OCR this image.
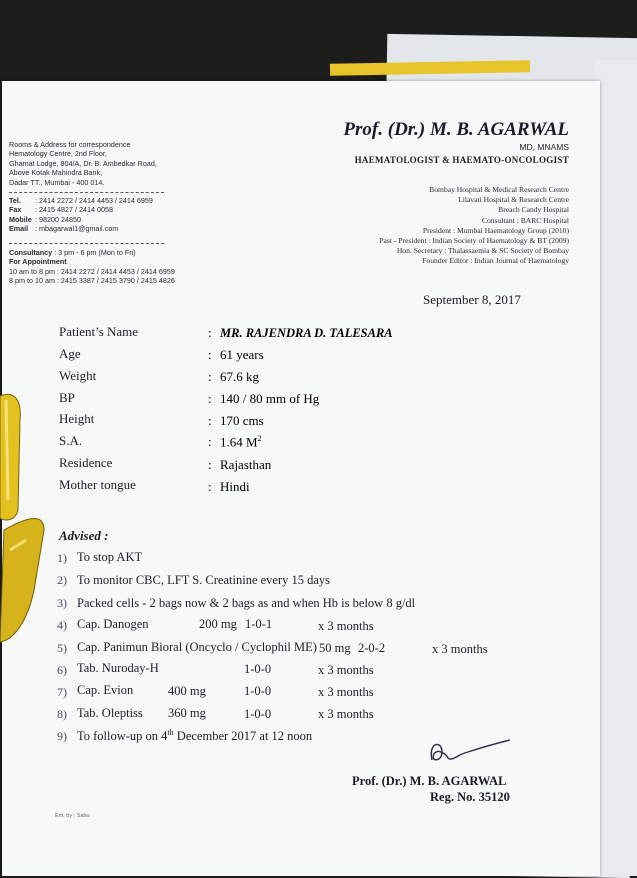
Rooms & Address for correspondence
Hematology Centre, 2nd Floor,
Ghamat Lodge, 804/A, Dr. B. Ambedkar Road,
Above Kotak Mahindra Bank,
Dadar TT., Mumbai - 400 014.
Tel. : 2414 2272 / 2414 4453 / 2414 6959
Fax : 2415 4827 / 2414 0058
Mobile : 98200 24850
Email : mbagarwal1@gmail.com
Consultancy : 3 pm - 6 pm (Mon to Fri)
For Appointment
10 am to 8 pm : 2414 2272 / 2414 4453 / 2414 6959
8 pm to 10 am : 2415 3387 / 2415 3790 / 2415 4826
Prof. (Dr.) M. B. AGARWAL
MD, MNAMS
HAEMATOLOGIST & HAEMATO-ONCOLOGIST
Bombay Hospital & Medical Research Centre
Lilavati Hospital & Research Centre
Breach Candy Hospital
Consultant : BARC Hospital
President : Mumbai Haematology Group (2010)
Past - President : Indian Society of Haematology & BT (2009)
Hon. Secretary : Thalassaemia & SC Society of Bombay
Founder Editor : Indian Journal of Haematology
September 8, 2017
Patient’s Name	: MR. RAJENDRA D. TALESARA
Age	: 61 years
Weight	: 67.6 kg
BP	: 140 / 80 mm of Hg
Height	: 170 cms
S.A.	: 1.64 $M^2$
Residence	: Rajasthan
Mother tongue	: Hindi
Advised :
1) To stop AKT
2) To monitor CBC, LFT S. Creatinine every 15 days
3) Packed cells - 2 bags now & 2 bags as and when Hb is below 8 g/dl
4) Cap. Danogen	200 mg 1-0-1	x 3 months
5) Cap. Panimun Bioral (Oncyclo / Cyclophil ME) 50 mg 2-0-2	x 3 months
6) Tab. Nuroday-H	1-0-0	x 3 months
7) Cap. Evion	400 mg	1-0-0	x 3 months
8) Tab. Oleptiss 360 mg	1-0-0	x 3 months
9) To follow-up on 4th December 2017 at 12 noon
Prof. (Dr.) M. B. AGARWAL
Reg. No. 35120
Ent. by : Sabu
